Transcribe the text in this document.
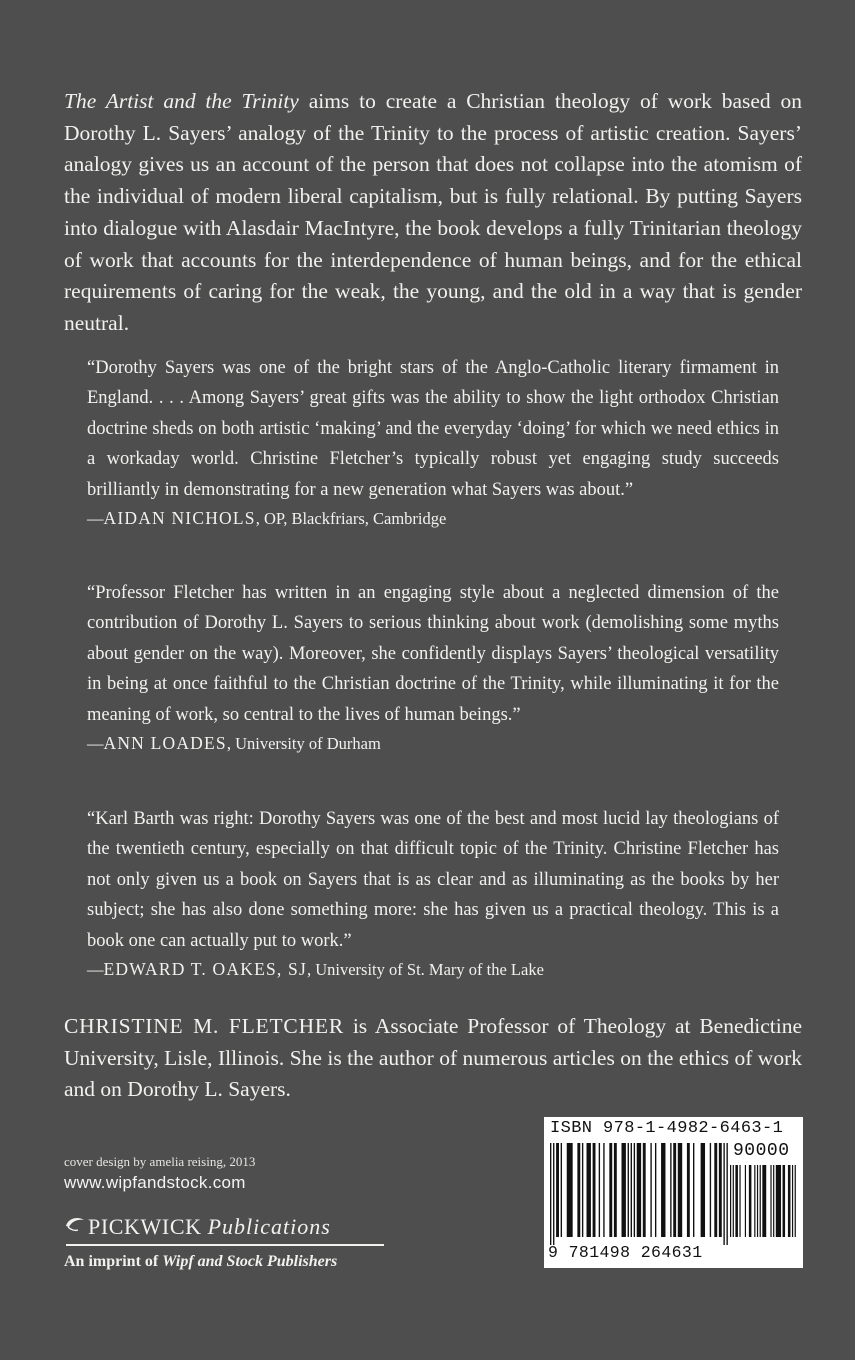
The Artist and the Trinity aims to create a Christian theology of work based on Dorothy L. Sayers’ analogy of the Trinity to the process of artistic creation. Sayers’ analogy gives us an account of the person that does not collapse into the atomism of the individual of modern liberal capitalism, but is fully relational. By putting Sayers into dialogue with Alasdair MacIntyre, the book develops a fully Trinitarian theology of work that accounts for the interdependence of human beings, and for the ethical requirements of caring for the weak, the young, and the old in a way that is gender neutral.

“Dorothy Sayers was one of the bright stars of the Anglo-Catholic literary firmament in England. . . . Among Sayers’ great gifts was the ability to show the light orthodox Christian doctrine sheds on both artistic ‘making’ and the everyday ‘doing’ for which we need ethics in a workaday world. Christine Fletcher’s typically robust yet engaging study succeeds brilliantly in demonstrating for a new generation what Sayers was about.”

—AIDAN NICHOLS, OP, Blackfriars, Cambridge

“Professor Fletcher has written in an engaging style about a neglected dimension of the contribution of Dorothy L. Sayers to serious thinking about work (demolishing some myths about gender on the way). Moreover, she confidently displays Sayers’ theological versatility in being at once faithful to the Christian doctrine of the Trinity, while illuminating it for the meaning of work, so central to the lives of human beings.”

—ANN LOADES, University of Durham

“Karl Barth was right: Dorothy Sayers was one of the best and most lucid lay theologians of the twentieth century, especially on that difficult topic of the Trinity. Christine Fletcher has not only given us a book on Sayers that is as clear and as illuminating as the books by her subject; she has also done something more: she has given us a practical theology. This is a book one can actually put to work.”

—EDWARD T. OAKES, SJ, University of St. Mary of the Lake

CHRISTINE M. FLETCHER is Associate Professor of Theology at Benedictine University, Lisle, Illinois. She is the author of numerous articles on the ethics of work and on Dorothy L. Sayers.

cover design by amelia reising, 2013

www.wipfandstock.com

PICKWICK Publications
An imprint of Wipf and Stock Publishers
ISBN 978-1-4982-6463-1
90000
9 781498 264631
